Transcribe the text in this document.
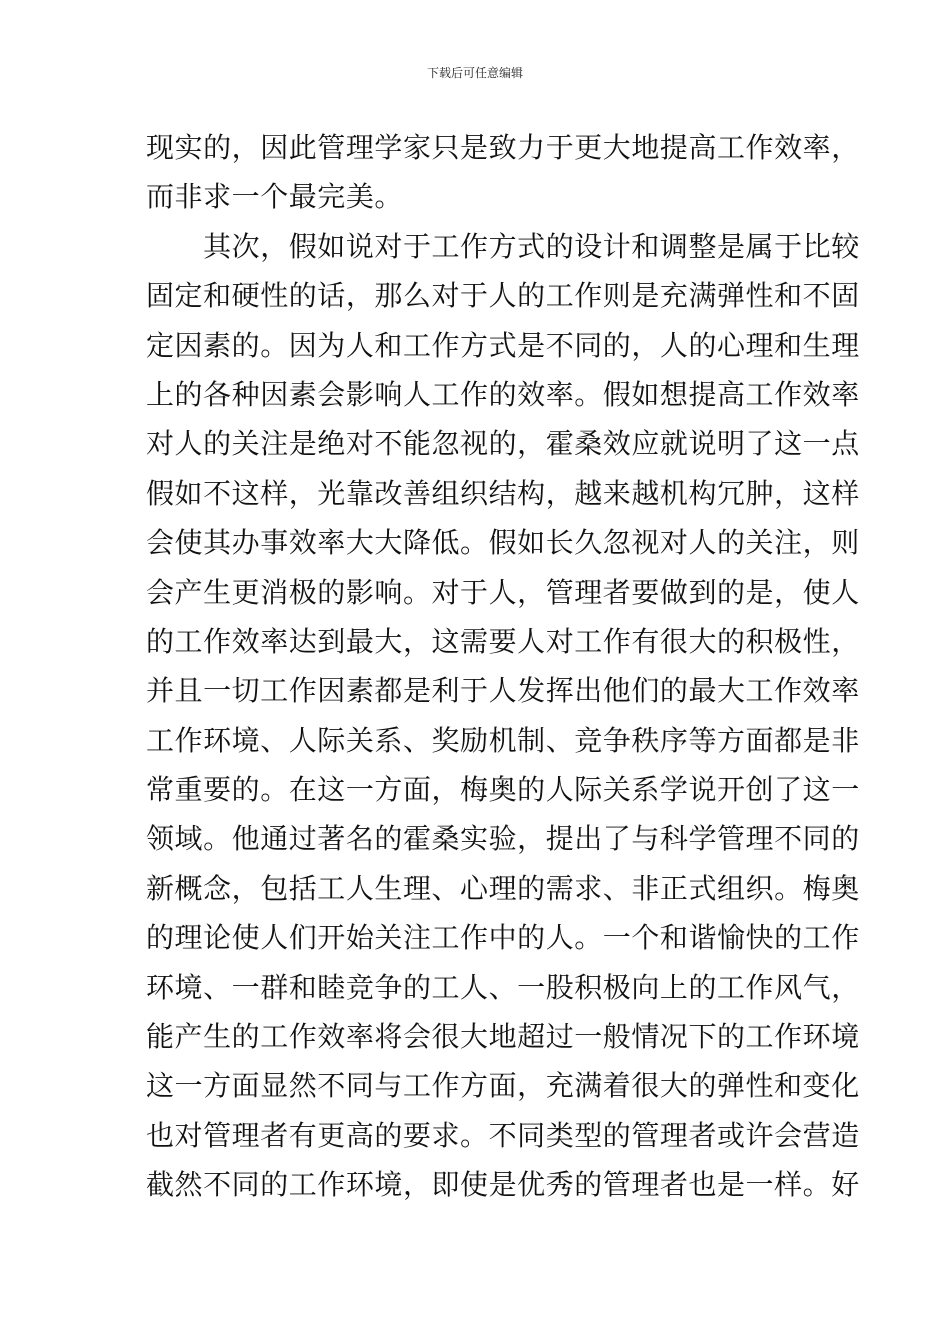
下载后可任意编辑
现实的，因此管理学家只是致力于更大地提高工作效率，
而非求一个最完美。
　　其次，假如说对于工作方式的设计和调整是属于比较
固定和硬性的话，那么对于人的工作则是充满弹性和不固
定因素的。因为人和工作方式是不同的，人的心理和生理
上的各种因素会影响人工作的效率。假如想提高工作效率
对人的关注是绝对不能忽视的，霍桑效应就说明了这一点
假如不这样，光靠改善组织结构，越来越机构冗肿，这样
会使其办事效率大大降低。假如长久忽视对人的关注，则
会产生更消极的影响。对于人，管理者要做到的是，使人
的工作效率达到最大，这需要人对工作有很大的积极性，
并且一切工作因素都是利于人发挥出他们的最大工作效率
工作环境、人际关系、奖励机制、竞争秩序等方面都是非
常重要的。在这一方面，梅奥的人际关系学说开创了这一
领域。他通过著名的霍桑实验，提出了与科学管理不同的
新概念，包括工人生理、心理的需求、非正式组织。梅奥
的理论使人们开始关注工作中的人。一个和谐愉快的工作
环境、一群和睦竞争的工人、一股积极向上的工作风气，
能产生的工作效率将会很大地超过一般情况下的工作环境
这一方面显然不同与工作方面，充满着很大的弹性和变化
也对管理者有更高的要求。不同类型的管理者或许会营造
截然不同的工作环境，即使是优秀的管理者也是一样。好
